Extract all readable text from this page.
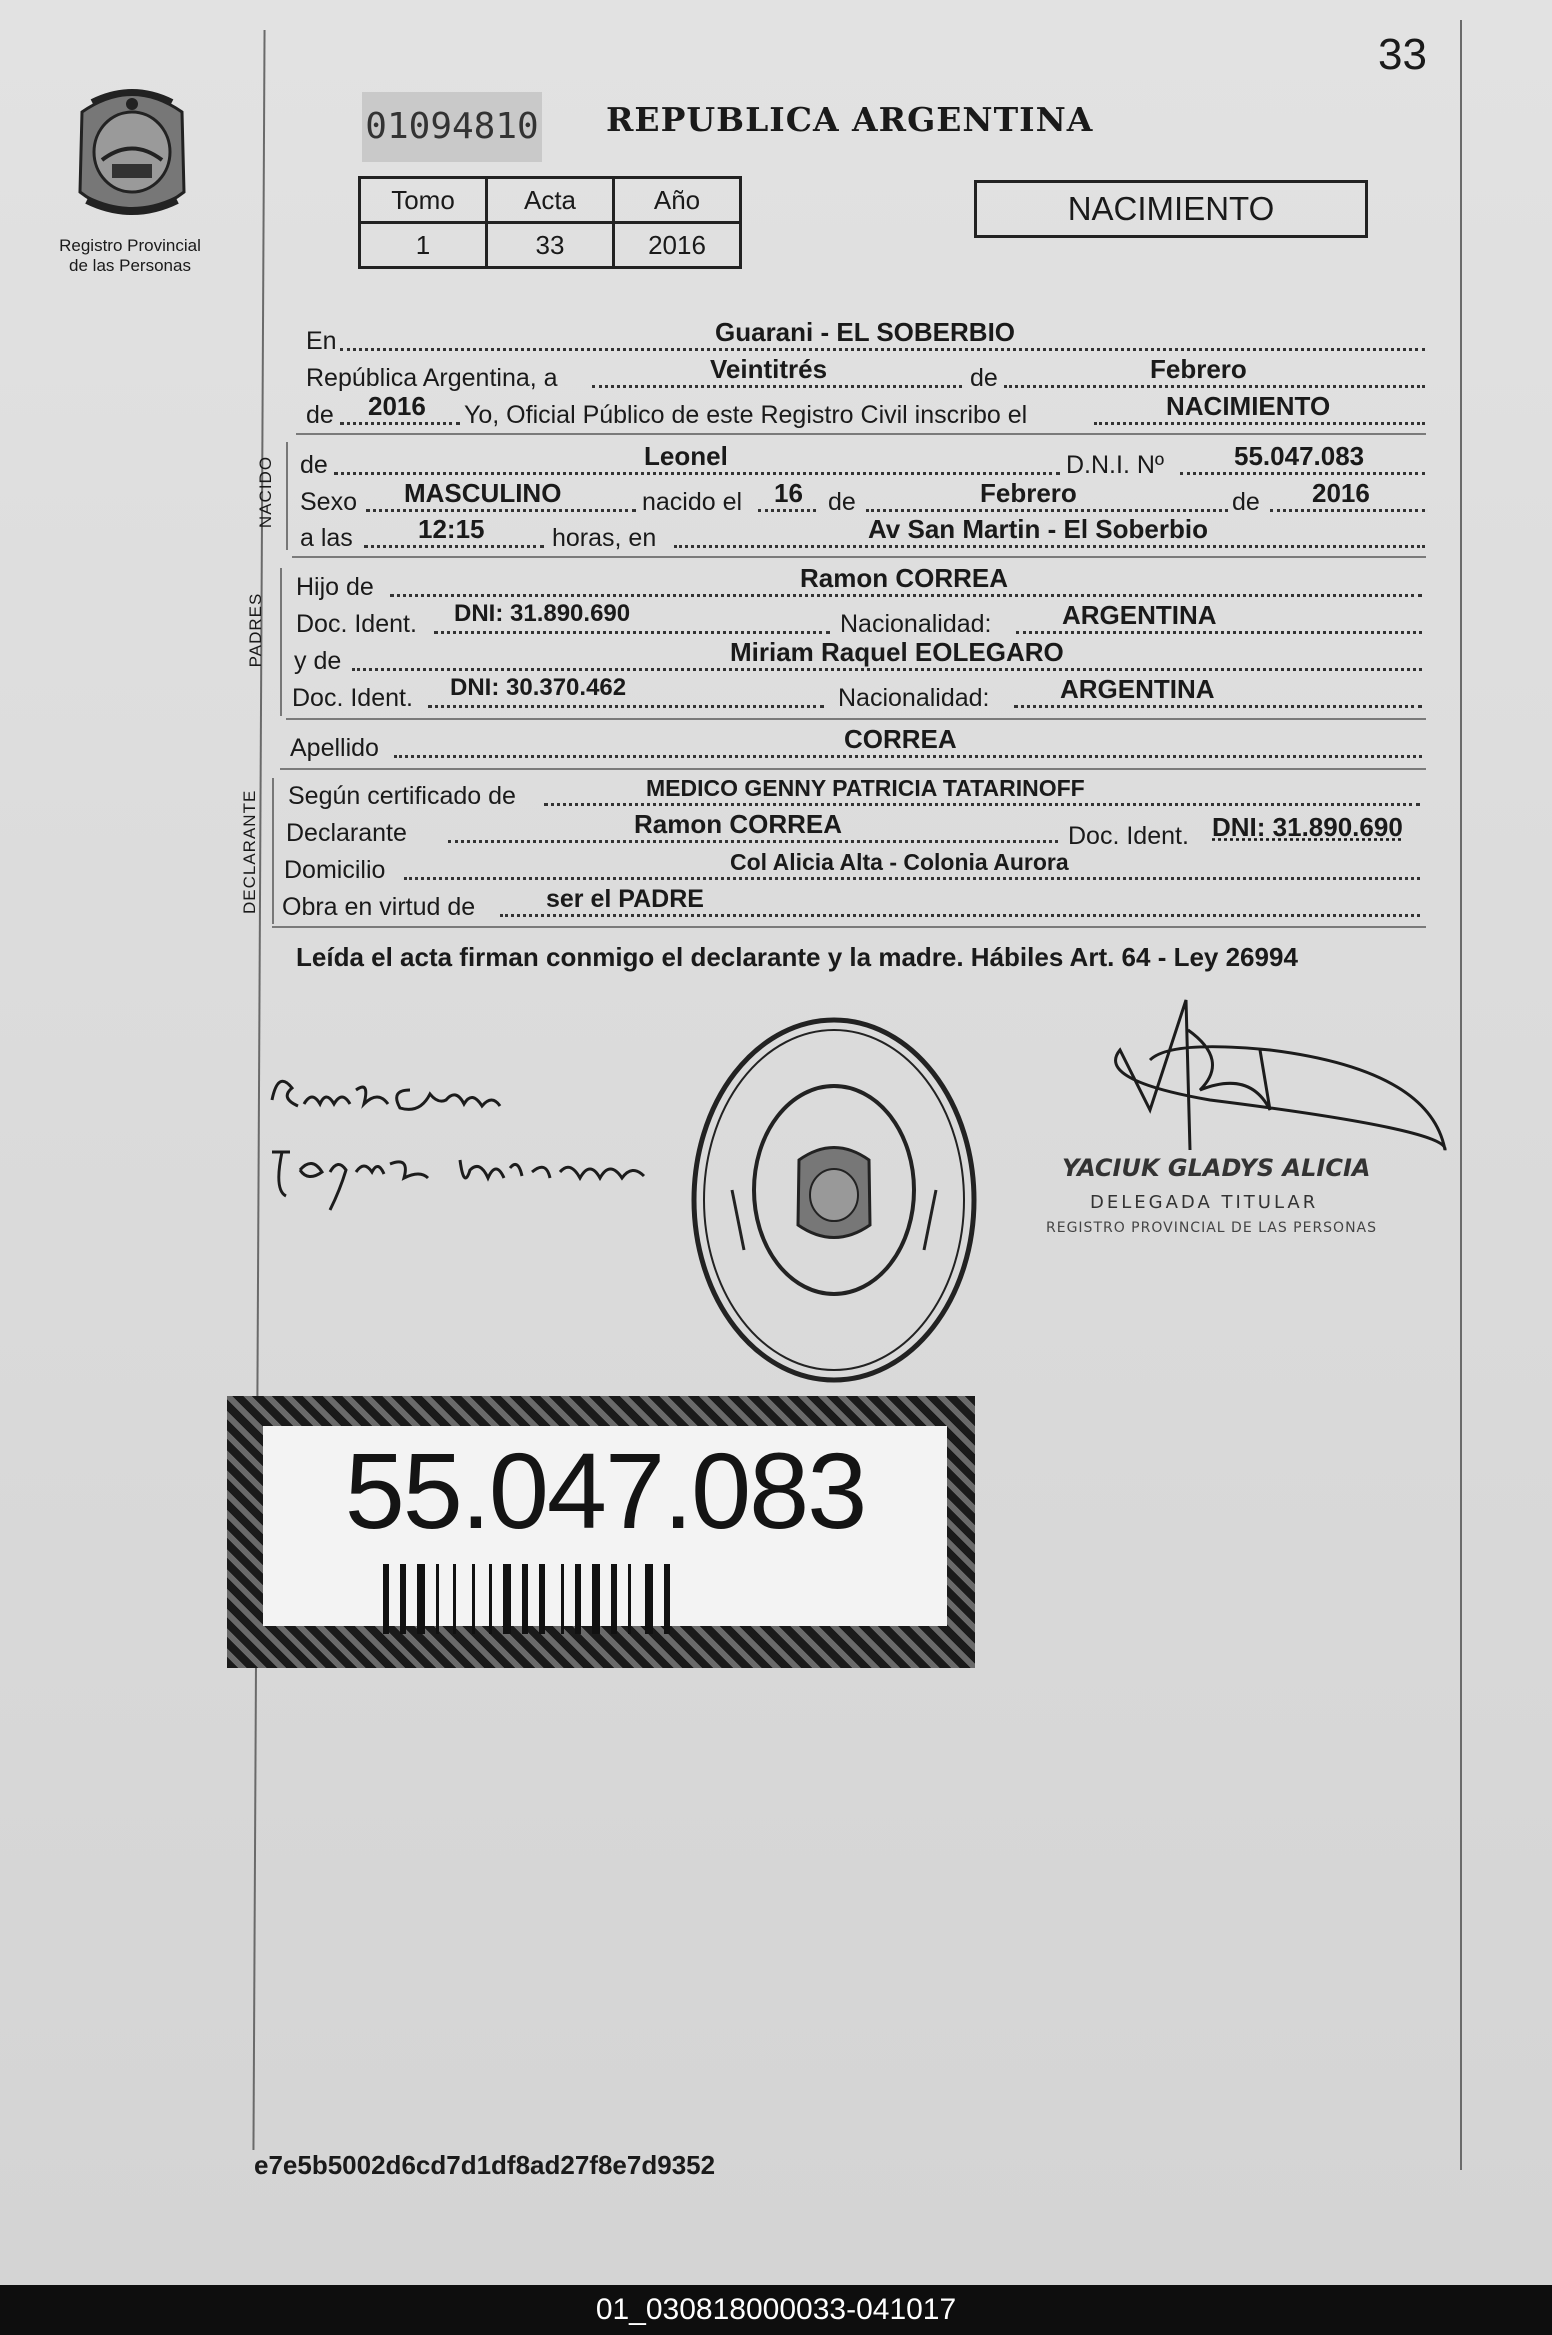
33
Registro Provincial
de las Personas
01094810 REPUBLICA ARGENTINA
Tomo	Acta	Año
1	33	2016
NACIMIENTO
En	Guarani - EL SOBERBIO
República Argentina, a	Veintitrés	de	Febrero
de 2016 Yo, Oficial Público de este Registro Civil inscribo el	NACIMIENTO
NACIDO de	Leonel	D.N.I. Nº	55.047.083
Sexo MASCULINO	nacido el 16 de	Febrero	de 2016
a las	12:15	horas, en	Av San Martin - El Soberbio
PADRES
Hijo de	Ramon CORREA
Doc. Ident. DNI: 31.890.690	Nacionalidad:	ARGENTINA
y de	Miriam Raquel EOLEGARO
Doc. Ident. DNI: 30.370.462	Nacionalidad:	ARGENTINA
Apellido	CORREA
DECLARANTE Según certificado de	MEDICO GENNY PATRICIA TATARINOFF
Declarante	Ramon CORREA	Doc. Ident. DNI: 31.890.690
Domicilio	Col Alicia Alta - Colonia Aurora
Obra en virtud de	ser el PADRE
Leída el acta firman conmigo el declarante y la madre. Hábiles Art. 64 - Ley 26994
YACIUK GLADYS ALICIA
DELEGADA TITULAR
REGISTRO PROVINCIAL DE LAS PERSONAS
55.047.083
e7e5b5002d6cd7d1df8ad27f8e7d9352
01_030818000033-041017
